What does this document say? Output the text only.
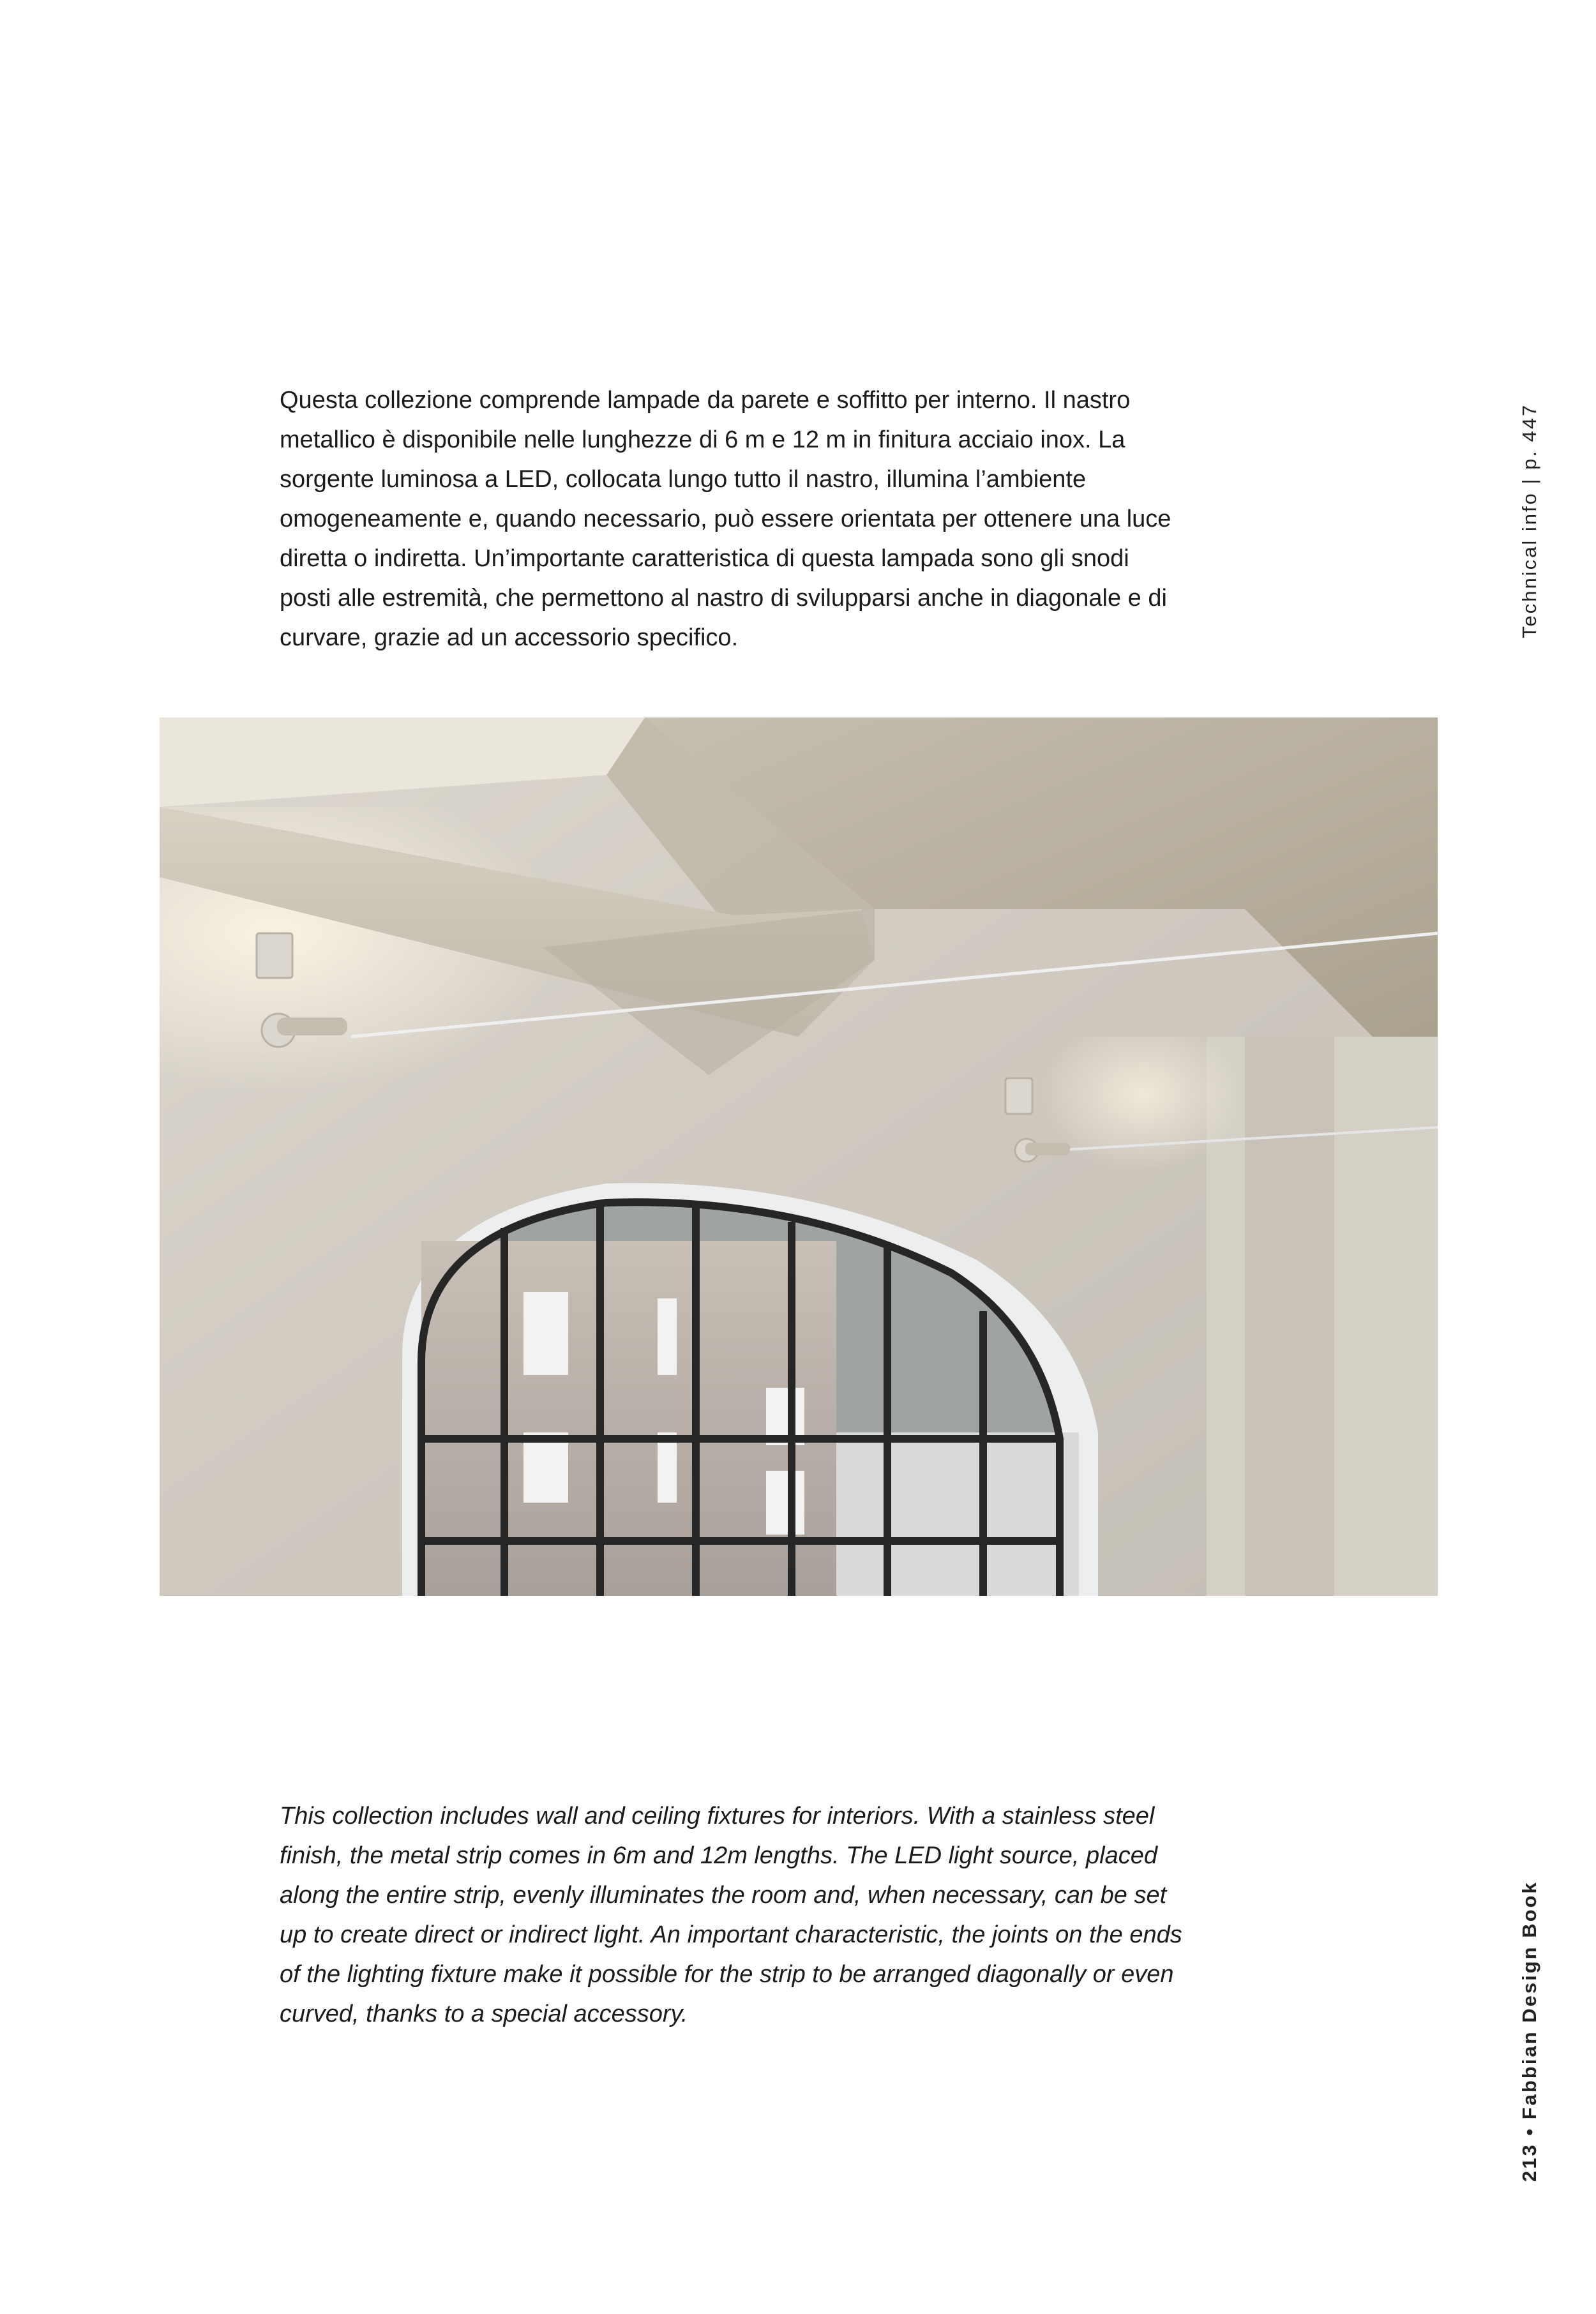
Questa collezione comprende lampade da parete e soffitto per interno. Il nastro metallico è disponibile nelle lunghezze di 6 m e 12 m in finitura acciaio inox. La sorgente luminosa a LED, collocata lungo tutto il nastro, illumina l’ambiente omogeneamente e, quando necessario, può essere orientata per ottenere una luce diretta o indiretta. Un’importante caratteristica di questa lampada sono gli snodi posti alle estremità, che permettono al nastro di svilupparsi anche in diagonale e di curvare, grazie ad un accessorio specifico.	Technical info | p. 447

This collection includes wall and ceiling fixtures for interiors. With a stainless steel finish, the metal strip comes in 6m and 12m lengths. The LED light source, placed along the entire strip, evenly illuminates the room and, when necessary, can be set up to create direct or indirect light. An important characteristic, the joints on the ends of the lighting fixture make it possible for the strip to be arranged diagonally or even curved, thanks to a special accessory.	213 • Fabbian Design Book
